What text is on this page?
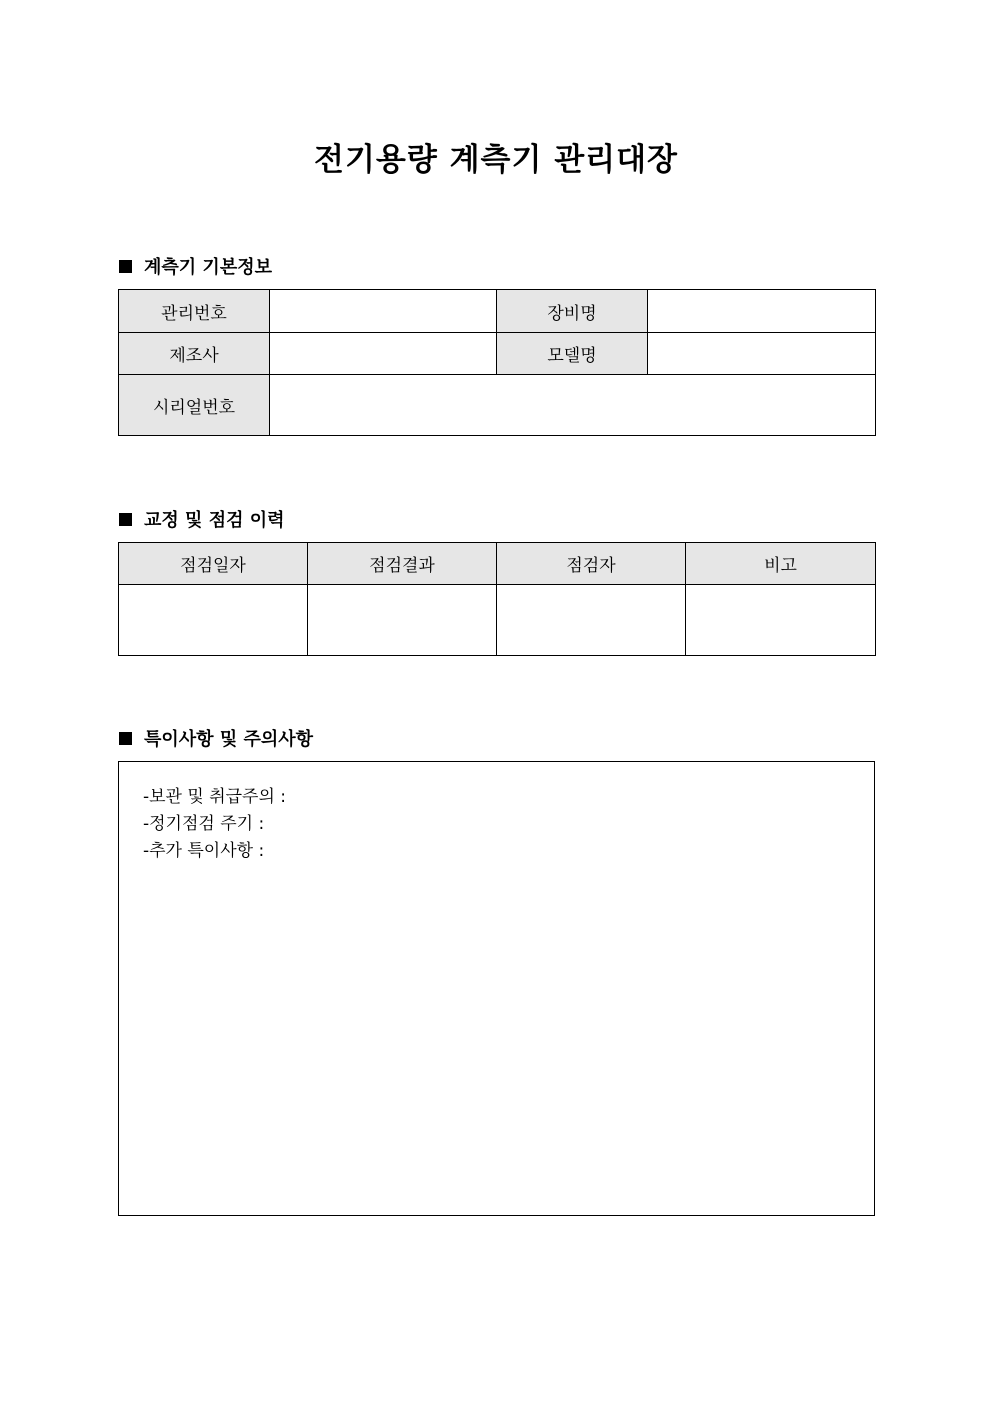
전기용량 계측기 관리대장
계측기 기본정보
관리번호		장비명	
제조사		모델명	
시리얼번호			
교정 및 점검 이력
점검일자	점검결과	점검자	비고

특이사항 및 주의사항
-보관 및 취급주의 :
-정기점검 주기 :
-추가 특이사항 :
